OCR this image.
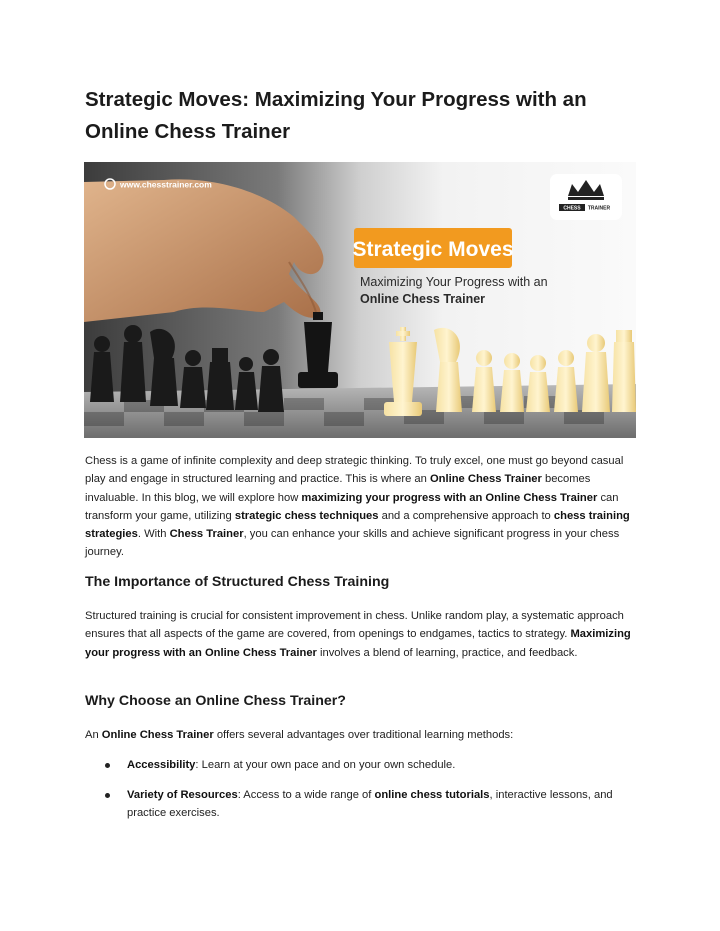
Strategic Moves: Maximizing Your Progress with an Online Chess Trainer
www.chesstrainer.com
CHESS TRAINER
Strategic Moves
Maximizing Your Progress with an
Online Chess Trainer

Chess is a game of infinite complexity and deep strategic thinking. To truly excel, one must go beyond casual play and engage in structured learning and practice. This is where an Online Chess Trainer becomes invaluable. In this blog, we will explore how maximizing your progress with an Online Chess Trainer can transform your game, utilizing strategic chess techniques and a comprehensive approach to chess training strategies. With Chess Trainer, you can enhance your skills and achieve significant progress in your chess journey.

The Importance of Structured Chess Training

Structured training is crucial for consistent improvement in chess. Unlike random play, a systematic approach ensures that all aspects of the game are covered, from openings to endgames, tactics to strategy. Maximizing your progress with an Online Chess Trainer involves a blend of learning, practice, and feedback.

Why Choose an Online Chess Trainer?

An Online Chess Trainer offers several advantages over traditional learning methods:

Accessibility: Learn at your own pace and on your own schedule.
Variety of Resources: Access to a wide range of online chess tutorials, interactive lessons, and practice exercises.
